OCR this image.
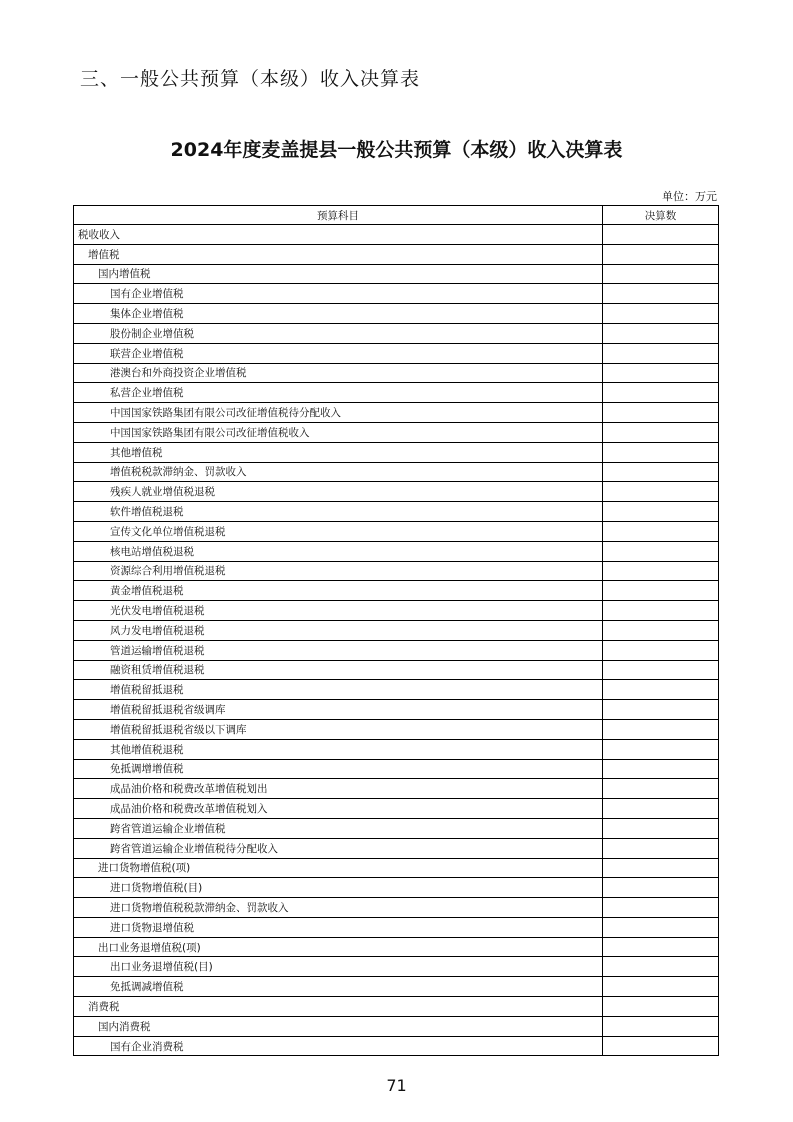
三、一般公共预算（本级）收入决算表
2024年度麦盖提县一般公共预算（本级）收入决算表
单位：万元
预算科目	决算数
税收收入	
增值税	
国内增值税	
国有企业增值税	
集体企业增值税	
股份制企业增值税	
联营企业增值税	
港澳台和外商投资企业增值税	
私营企业增值税	
中国国家铁路集团有限公司改征增值税待分配收入	
中国国家铁路集团有限公司改征增值税收入	
其他增值税	
增值税税款滞纳金、罚款收入	
残疾人就业增值税退税	
软件增值税退税	
宣传文化单位增值税退税	
核电站增值税退税	
资源综合利用增值税退税	
黄金增值税退税	
光伏发电增值税退税	
风力发电增值税退税	
管道运输增值税退税	
融资租赁增值税退税	
增值税留抵退税	
增值税留抵退税省级调库	
增值税留抵退税省级以下调库	
其他增值税退税	
免抵调增增值税	
成品油价格和税费改革增值税划出	
成品油价格和税费改革增值税划入	
跨省管道运输企业增值税	
跨省管道运输企业增值税待分配收入	
进口货物增值税(项)	
进口货物增值税(目)	
进口货物增值税税款滞纳金、罚款收入	
进口货物退增值税	
出口业务退增值税(项)	
出口业务退增值税(目)	
免抵调减增值税	
消费税	
国内消费税	
国有企业消费税	
71
